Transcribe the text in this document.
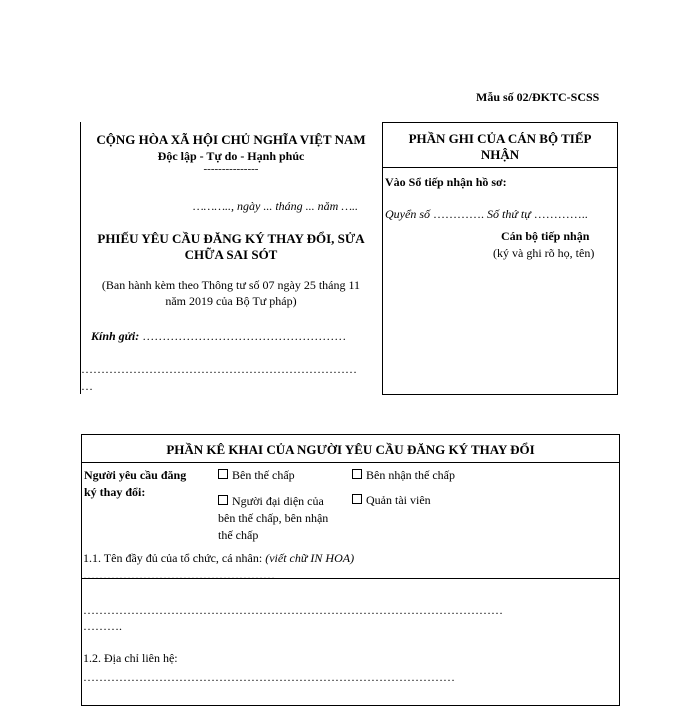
Mẫu số 02/ĐKTC-SCSS
CỘNG HÒA XÃ HỘI CHỦ NGHĨA VIỆT NAM
Độc lập - Tự do - Hạnh phúc
---------------
……….., ngày ... tháng ... năm …..
PHIẾU YÊU CẦU ĐĂNG KÝ THAY ĐỔI, SỬA
CHỮA SAI SÓT
(Ban hành kèm theo Thông tư số 07 ngày 25 tháng 11
năm 2019 của Bộ Tư pháp)
Kính gửi: ……………………………………………
……………………………………………………………
…
PHẦN GHI CỦA CÁN BỘ TIẾP
NHẬN
Vào Sổ tiếp nhận hồ sơ:
Quyển số …………. Số thứ tự …………..
Cán bộ tiếp nhận
(ký và ghi rõ họ, tên)
PHẦN KÊ KHAI CỦA NGƯỜI YÊU CẦU ĐĂNG KÝ THAY ĐỔI
Người yêu cầu đăng
ký thay đổi:
Bên thế chấp	Bên nhận thế chấp
Người đại diện của
bên thế chấp, bên nhận
thế chấp
Quản tài viên
1.1. Tên đầy đủ của tổ chức, cá nhân: (viết chữ IN HOA)
…………………………………………
……………………………………………………………………………………………
……….
1.2. Địa chỉ liên hệ:
…………………………………………………………………………………
